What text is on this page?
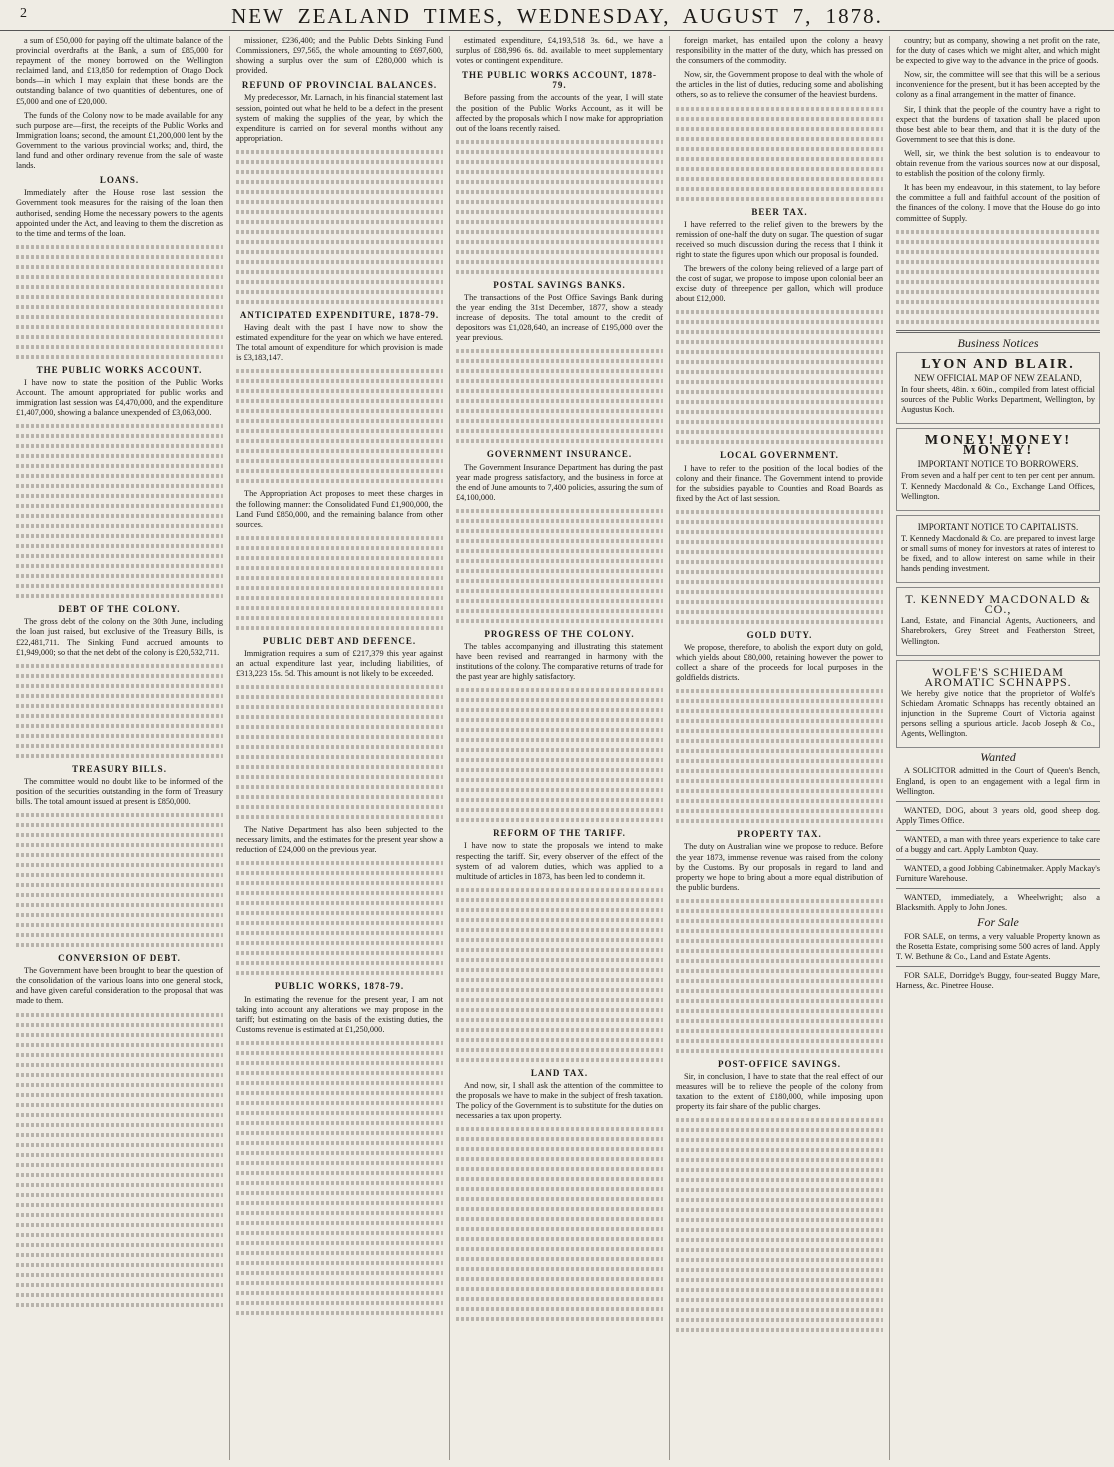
2	NEW ZEALAND TIMES, WEDNESDAY, AUGUST 7, 1878.

a sum of £50,000 for paying off the ultimate balance of the provincial overdrafts at the Bank, a sum of £85,000 for repayment of the money borrowed on the Wellington reclaimed land, and £13,850 for redemption of Otago Dock bonds—in which I may explain that these bonds are the outstanding balance of two quantities of debentures, one of £5,000 and one of £20,000.

The funds of the Colony now to be made available for any such purpose are—first, the receipts of the Public Works and Immigration loans; second, the amount £1,200,000 lent by the Government to the various provincial works; and, third, the land fund and other ordinary revenue from the sale of waste lands.

LOANS.

Immediately after the House rose last session the Government took measures for the raising of the loan then authorised, sending Home the necessary powers to the agents appointed under the Act, and leaving to them the discretion as to the time and terms of the loan.

THE PUBLIC WORKS ACCOUNT.

I have now to state the position of the Public Works Account. The amount appropriated for public works and immigration last session was £4,470,000, and the expenditure £1,407,000, showing a balance unexpended of £3,063,000.

DEBT OF THE COLONY.

The gross debt of the colony on the 30th June, including the loan just raised, but exclusive of the Treasury Bills, is £22,481,711. The Sinking Fund accrued amounts to £1,949,000; so that the net debt of the colony is £20,532,711.

TREASURY BILLS.

The committee would no doubt like to be informed of the position of the securities outstanding in the form of Treasury bills. The total amount issued at present is £850,000.

CONVERSION OF DEBT.

The Government have been brought to bear the question of the consolidation of the various loans into one general stock, and have given careful consideration to the proposal that was made to them.

missioner, £236,400; and the Public Debts Sinking Fund Commissioners, £97,565, the whole amounting to £697,600, showing a surplus over the sum of £280,000 which is provided.

REFUND OF PROVINCIAL BALANCES.

My predecessor, Mr. Larnach, in his financial statement last session, pointed out what he held to be a defect in the present system of making the supplies of the year, by which the expenditure is carried on for several months without any appropriation.

ANTICIPATED EXPENDITURE, 1878-79.

Having dealt with the past I have now to show the estimated expenditure for the year on which we have entered. The total amount of expenditure for which provision is made is £3,183,147.

The Appropriation Act proposes to meet these charges in the following manner: the Consolidated Fund £1,900,000, the Land Fund £850,000, and the remaining balance from other sources.

PUBLIC DEBT AND DEFENCE.

Immigration requires a sum of £217,379 this year against an actual expenditure last year, including liabilities, of £313,223 15s. 5d. This amount is not likely to be exceeded.

The Native Department has also been subjected to the necessary limits, and the estimates for the present year show a reduction of £24,000 on the previous year.

PUBLIC WORKS, 1878-79.

In estimating the revenue for the present year, I am not taking into account any alterations we may propose in the tariff; but estimating on the basis of the existing duties, the Customs revenue is estimated at £1,250,000.

estimated expenditure, £4,193,518 3s. 6d., we have a surplus of £88,996 6s. 8d. available to meet supplementary votes or contingent expenditure.

THE PUBLIC WORKS ACCOUNT, 1878-79.

Before passing from the accounts of the year, I will state the position of the Public Works Account, as it will be affected by the proposals which I now make for appropriation out of the loans recently raised.

POSTAL SAVINGS BANKS.

The transactions of the Post Office Savings Bank during the year ending the 31st December, 1877, show a steady increase of deposits. The total amount to the credit of depositors was £1,028,640, an increase of £195,000 over the year previous.

GOVERNMENT INSURANCE.

The Government Insurance Department has during the past year made progress satisfactory, and the business in force at the end of June amounts to 7,400 policies, assuring the sum of £4,100,000.

PROGRESS OF THE COLONY.

The tables accompanying and illustrating this statement have been revised and rearranged in harmony with the institutions of the colony. The comparative returns of trade for the past year are highly satisfactory.

REFORM OF THE TARIFF.

I have now to state the proposals we intend to make respecting the tariff. Sir, every observer of the effect of the system of ad valorem duties, which was applied to a multitude of articles in 1873, has been led to condemn it.

LAND TAX.

And now, sir, I shall ask the attention of the committee to the proposals we have to make in the subject of fresh taxation. The policy of the Government is to substitute for the duties on necessaries a tax upon property.

foreign market, has entailed upon the colony a heavy responsibility in the matter of the duty, which has pressed on the consumers of the commodity.

Now, sir, the Government propose to deal with the whole of the articles in the list of duties, reducing some and abolishing others, so as to relieve the consumer of the heaviest burdens.

BEER TAX.

I have referred to the relief given to the brewers by the remission of one-half the duty on sugar. The question of sugar received so much discussion during the recess that I think it right to state the figures upon which our proposal is founded.

The brewers of the colony being relieved of a large part of the cost of sugar, we propose to impose upon colonial beer an excise duty of threepence per gallon, which will produce about £12,000.

LOCAL GOVERNMENT.

I have to refer to the position of the local bodies of the colony and their finance. The Government intend to provide for the subsidies payable to Counties and Road Boards as fixed by the Act of last session.

GOLD DUTY.

We propose, therefore, to abolish the export duty on gold, which yields about £80,000, retaining however the power to collect a share of the proceeds for local purposes in the goldfields districts.

PROPERTY TAX.

The duty on Australian wine we propose to reduce. Before the year 1873, immense revenue was raised from the colony by the Customs. By our proposals in regard to land and property we hope to bring about a more equal distribution of the public burdens.

POST-OFFICE SAVINGS.

Sir, in conclusion, I have to state that the real effect of our measures will be to relieve the people of the colony from taxation to the extent of £180,000, while imposing upon property its fair share of the public charges.

country; but as company, showing a net profit on the rate, for the duty of cases which we might alter, and which might be expected to give way to the advance in the price of goods.

Now, sir, the committee will see that this will be a serious inconvenience for the present, but it has been accepted by the colony as a final arrangement in the matter of finance.

Sir, I think that the people of the country have a right to expect that the burdens of taxation shall be placed upon those best able to bear them, and that it is the duty of the Government to see that this is done.

Well, sir, we think the best solution is to endeavour to obtain revenue from the various sources now at our disposal, to establish the position of the colony firmly.

It has been my endeavour, in this statement, to lay before the committee a full and faithful account of the position of the finances of the colony. I move that the House do go into committee of Supply.

Business Notices

LYON AND BLAIR.

NEW OFFICIAL MAP OF NEW ZEALAND,

In four sheets, 48in. x 60in., compiled from latest official sources of the Public Works Department, Wellington, by Augustus Koch.

MONEY! MONEY! MONEY!

IMPORTANT NOTICE TO BORROWERS.

From seven and a half per cent to ten per cent per annum. T. Kennedy Macdonald & Co., Exchange Land Offices, Wellington.

IMPORTANT NOTICE TO CAPITALISTS.

T. Kennedy Macdonald & Co. are prepared to invest large or small sums of money for investors at rates of interest to be fixed, and to allow interest on same while in their hands pending investment.

T. KENNEDY MACDONALD & CO.,

Land, Estate, and Financial Agents, Auctioneers, and Sharebrokers, Grey Street and Featherston Street, Wellington.

WOLFE'S SCHIEDAM AROMATIC SCHNAPPS.

We hereby give notice that the proprietor of Wolfe's Schiedam Aromatic Schnapps has recently obtained an injunction in the Supreme Court of Victoria against persons selling a spurious article. Jacob Joseph & Co., Agents, Wellington.

Wanted

A SOLICITOR admitted in the Court of Queen's Bench, England, is open to an engagement with a legal firm in Wellington.

WANTED, DOG, about 3 years old, good sheep dog. Apply Times Office.

WANTED, a man with three years experience to take care of a buggy and cart. Apply Lambton Quay.

WANTED, a good Jobbing Cabinetmaker. Apply Mackay's Furniture Warehouse.

WANTED, immediately, a Wheelwright; also a Blacksmith. Apply to John Jones.

For Sale

FOR SALE, on terms, a very valuable Property known as the Rosetta Estate, comprising some 500 acres of land. Apply T. W. Bethune & Co., Land and Estate Agents.

FOR SALE, Dorridge's Buggy, four-seated Buggy Mare, Harness, &c. Pinetree House.
